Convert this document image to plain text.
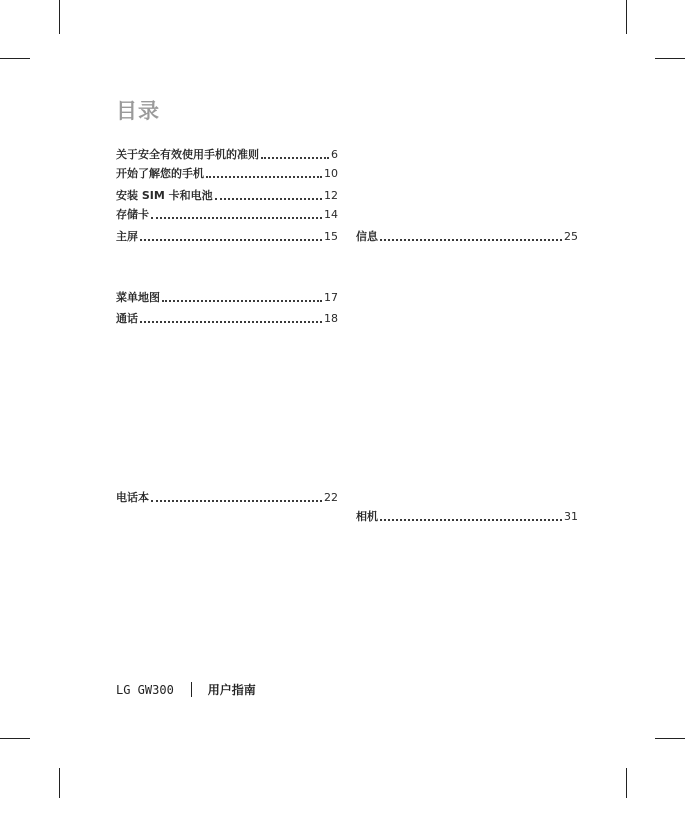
目录
关于安全有效使用手机的准则	6
开始了解您的手机	10
安装 SIM 卡和电池	12
存储卡	14
主屏	15
菜单地图	17
通话	18
电话本	22
信息	25
相机	31
LG GW300	用户指南
